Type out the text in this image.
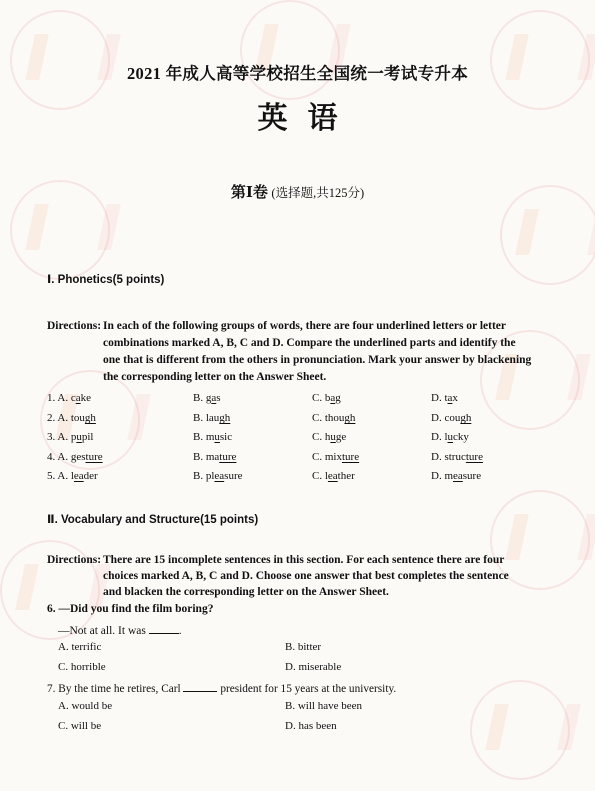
2021 年成人高等学校招生全国统一考试专升本
英语
第Ⅰ卷 (选择题,共125分)
Ⅰ. Phonetics(5 points)
Directions: In each of the following groups of words, there are four underlined letters or letter
combinations marked A, B, C and D. Compare the underlined parts and identify the
one that is different from the others in pronunciation. Mark your answer by blackening
the corresponding letter on the Answer Sheet.
1. A. cake	B. gas	C. bag	D. tax
2. A. tough	B. laugh	C. though	D. cough
3. A. pupil	B. music	C. huge	D. lucky
4. A. gesture	B. mature	C. mixture	D. structure
5. A. leader	B. pleasure	C. leather	D. measure
Ⅱ. Vocabulary and Structure(15 points)
Directions: There are 15 incomplete sentences in this section. For each sentence there are four
choices marked A, B, C and D. Choose one answer that best completes the sentence
and blacken the corresponding letter on the Answer Sheet.
6. —Did you find the film boring?
—Not at all. It was	.
A. terrific	B. bitter
C. horrible	D. miserable
7. By the time he retires, Carl	president for 15 years at the university.
A. would be	B. will have been
C. will be	D. has been
